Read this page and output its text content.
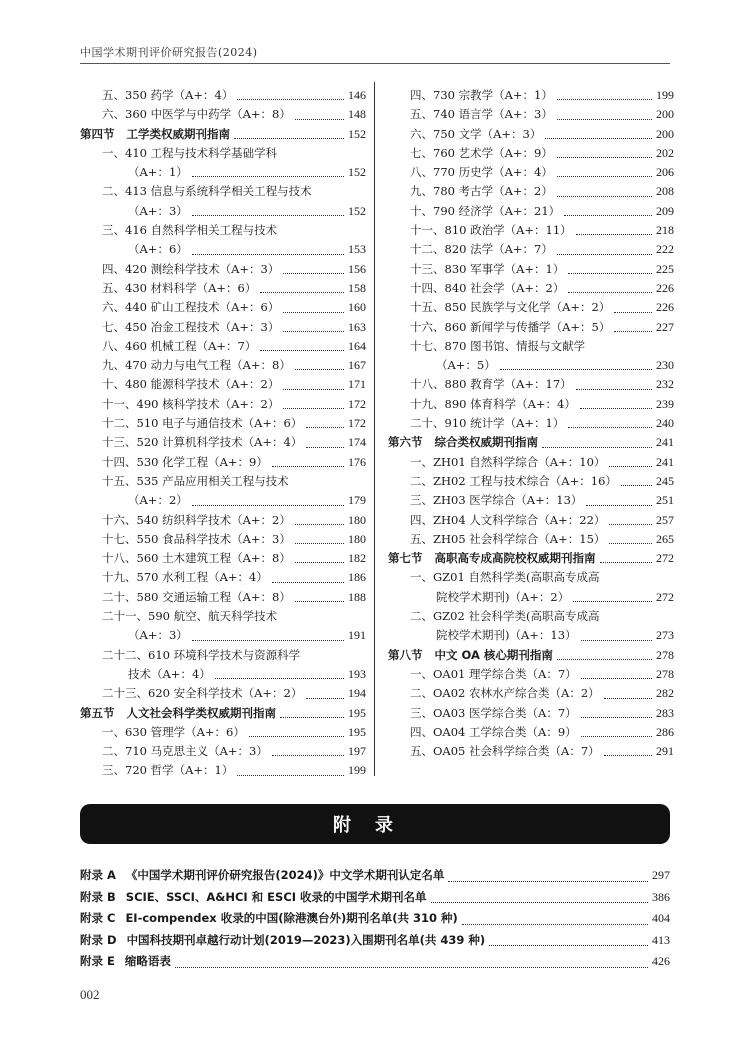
中国学术期刊评价研究报告(2024)
五、350 药学（A+：4）	146
六、360 中医学与中药学（A+：8）	148
第四节 工学类权威期刊指南	152
一、410 工程与技术科学基础学科
（A+：1）	152
二、413 信息与系统科学相关工程与技术
（A+：3）	152
三、416 自然科学相关工程与技术
（A+：6）	153
四、420 测绘科学技术（A+：3）	156
五、430 材料科学（A+：6）	158
六、440 矿山工程技术（A+：6）	160
七、450 冶金工程技术（A+：3）	163
八、460 机械工程（A+：7）	164
九、470 动力与电气工程（A+：8）	167
十、480 能源科学技术（A+：2）	171
十一、490 核科学技术（A+：2）	172
十二、510 电子与通信技术（A+：6）	172
十三、520 计算机科学技术（A+：4）	174
十四、530 化学工程（A+：9）	176
十五、535 产品应用相关工程与技术
（A+：2）	179
十六、540 纺织科学技术（A+：2）	180
十七、550 食品科学技术（A+：3）	180
十八、560 土木建筑工程（A+：8）	182
十九、570 水利工程（A+：4）	186
二十、580 交通运输工程（A+：8）	188
二十一、590 航空、航天科学技术
（A+：3）	191
二十二、610 环境科学技术与资源科学
技术（A+：4）	193
二十三、620 安全科学技术（A+：2）	194
第五节 人文社会科学类权威期刊指南	195
一、630 管理学（A+：6）	195
二、710 马克思主义（A+：3）	197
三、720 哲学（A+：1）	199
四、730 宗教学（A+：1）	199
五、740 语言学（A+：3）	200
六、750 文学（A+：3）	200
七、760 艺术学（A+：9）	202
八、770 历史学（A+：4）	206
九、780 考古学（A+：2）	208
十、790 经济学（A+：21）	209
十一、810 政治学（A+：11）	218
十二、820 法学（A+：7）	222
十三、830 军事学（A+：1）	225
十四、840 社会学（A+：2）	226
十五、850 民族学与文化学（A+：2）	226
十六、860 新闻学与传播学（A+：5）	227
十七、870 图书馆、情报与文献学
（A+：5）	230
十八、880 教育学（A+：17）	232
十九、890 体育科学（A+：4）	239
二十、910 统计学（A+：1）	240
第六节 综合类权威期刊指南	241
一、ZH01 自然科学综合（A+：10）	241
二、ZH02 工程与技术综合（A+：16）	245
三、ZH03 医学综合（A+：13）	251
四、ZH04 人文科学综合（A+：22）	257
五、ZH05 社会科学综合（A+：15）	265
第七节 高职高专成高院校权威期刊指南	272
一、GZ01 自然科学类(高职高专成高
院校学术期刊)（A+：2）	272
二、GZ02 社会科学类(高职高专成高
院校学术期刊)（A+：13）	273
第八节 中文 OA 核心期刊指南	278
一、OA01 理学综合类（A：7）	278
二、OA02 农林水产综合类（A：2）	282
三、OA03 医学综合类（A：7）	283
四、OA04 工学综合类（A：9）	286
五、OA05 社会科学综合类（A：7）	291
附录
附录 A 《中国学术期刊评价研究报告(2024)》中文学术期刊认定名单	297
附录 B SCIE、SSCI、A&HCI 和 ESCI 收录的中国学术期刊名单	386
附录 C EI-compendex 收录的中国(除港澳台外)期刊名单(共 310 种)	404
附录 D 中国科技期刊卓越行动计划(2019—2023)入围期刊名单(共 439 种)	413
附录 E 缩略语表	426
002
